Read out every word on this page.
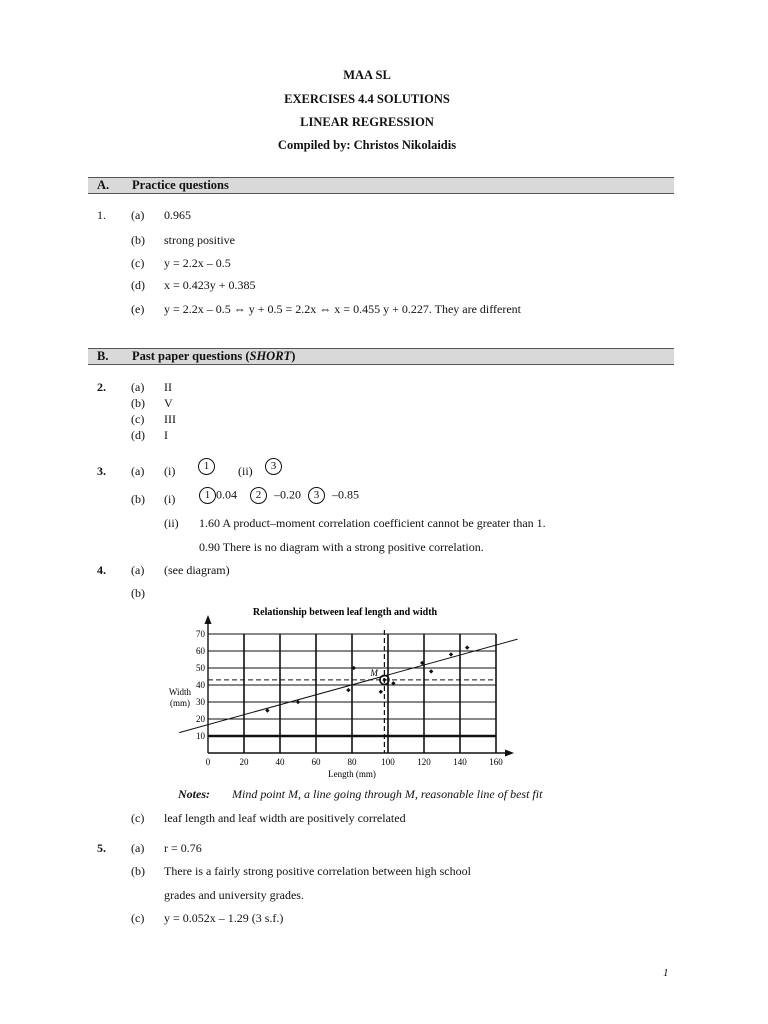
MAA SL
EXERCISES 4.4 SOLUTIONS
LINEAR REGRESSION
Compiled by: Christos Nikolaidis
A. Practice questions
1. (a) 0.965
(b) strong positive
(c) y = 2.2x – 0.5
(d) x = 0.423y + 0.385
(e) y = 2.2x – 0.5 ⇔ y + 0.5 = 2.2x ⇔ x = 0.455 y + 0.227. They are different
B. Past paper questions (SHORT)
2. (a) II
(b) V
(c) III
(d) I
3. (a) (i)	1	(ii)	3
(b) (i)	1 0.04 2 –0.20 3 –0.85
(ii) 1.60 A product–moment correlation coefficient cannot be greater than 1.
0.90 There is no diagram with a strong positive correlation.
4. (a) (see diagram)
(b)
Relationship between leaf length and width
0	20	40	60	80	100	120	140	160
10
20
30
40
50
60
70
Length (mm)
Width
(mm)
M
Notes: Mind point M, a line going through M, reasonable line of best fit
(c) leaf length and leaf width are positively correlated
5. (a) r = 0.76
(b) There is a fairly strong positive correlation between high school
grades and university grades.
(c) y = 0.052x – 1.29 (3 s.f.)
1
